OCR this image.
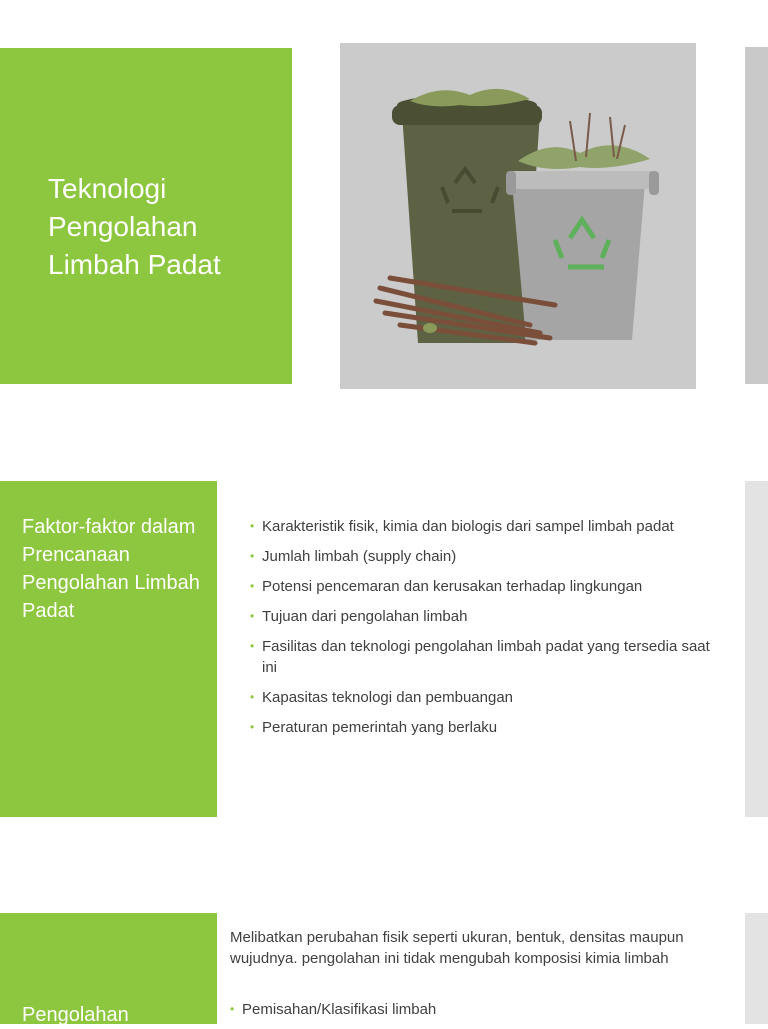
Teknologi Pengolahan Limbah Padat
Faktor-faktor dalam Prencanaan Pengolahan Limbah Padat
• Karakteristik fisik, kimia dan biologis dari sampel limbah padat
• Jumlah limbah (supply chain)
• Potensi pencemaran dan kerusakan terhadap lingkungan
• Tujuan dari pengolahan limbah
• Fasilitas dan teknologi pengolahan limbah padat yang tersedia saat ini
• Kapasitas teknologi dan pembuangan
• Peraturan pemerintah yang berlaku
Pengolahan

Melibatkan perubahan fisik seperti ukuran, bentuk, densitas maupun wujudnya. pengolahan ini tidak mengubah komposisi kimia limbah

• Pemisahan/Klasifikasi limbah
